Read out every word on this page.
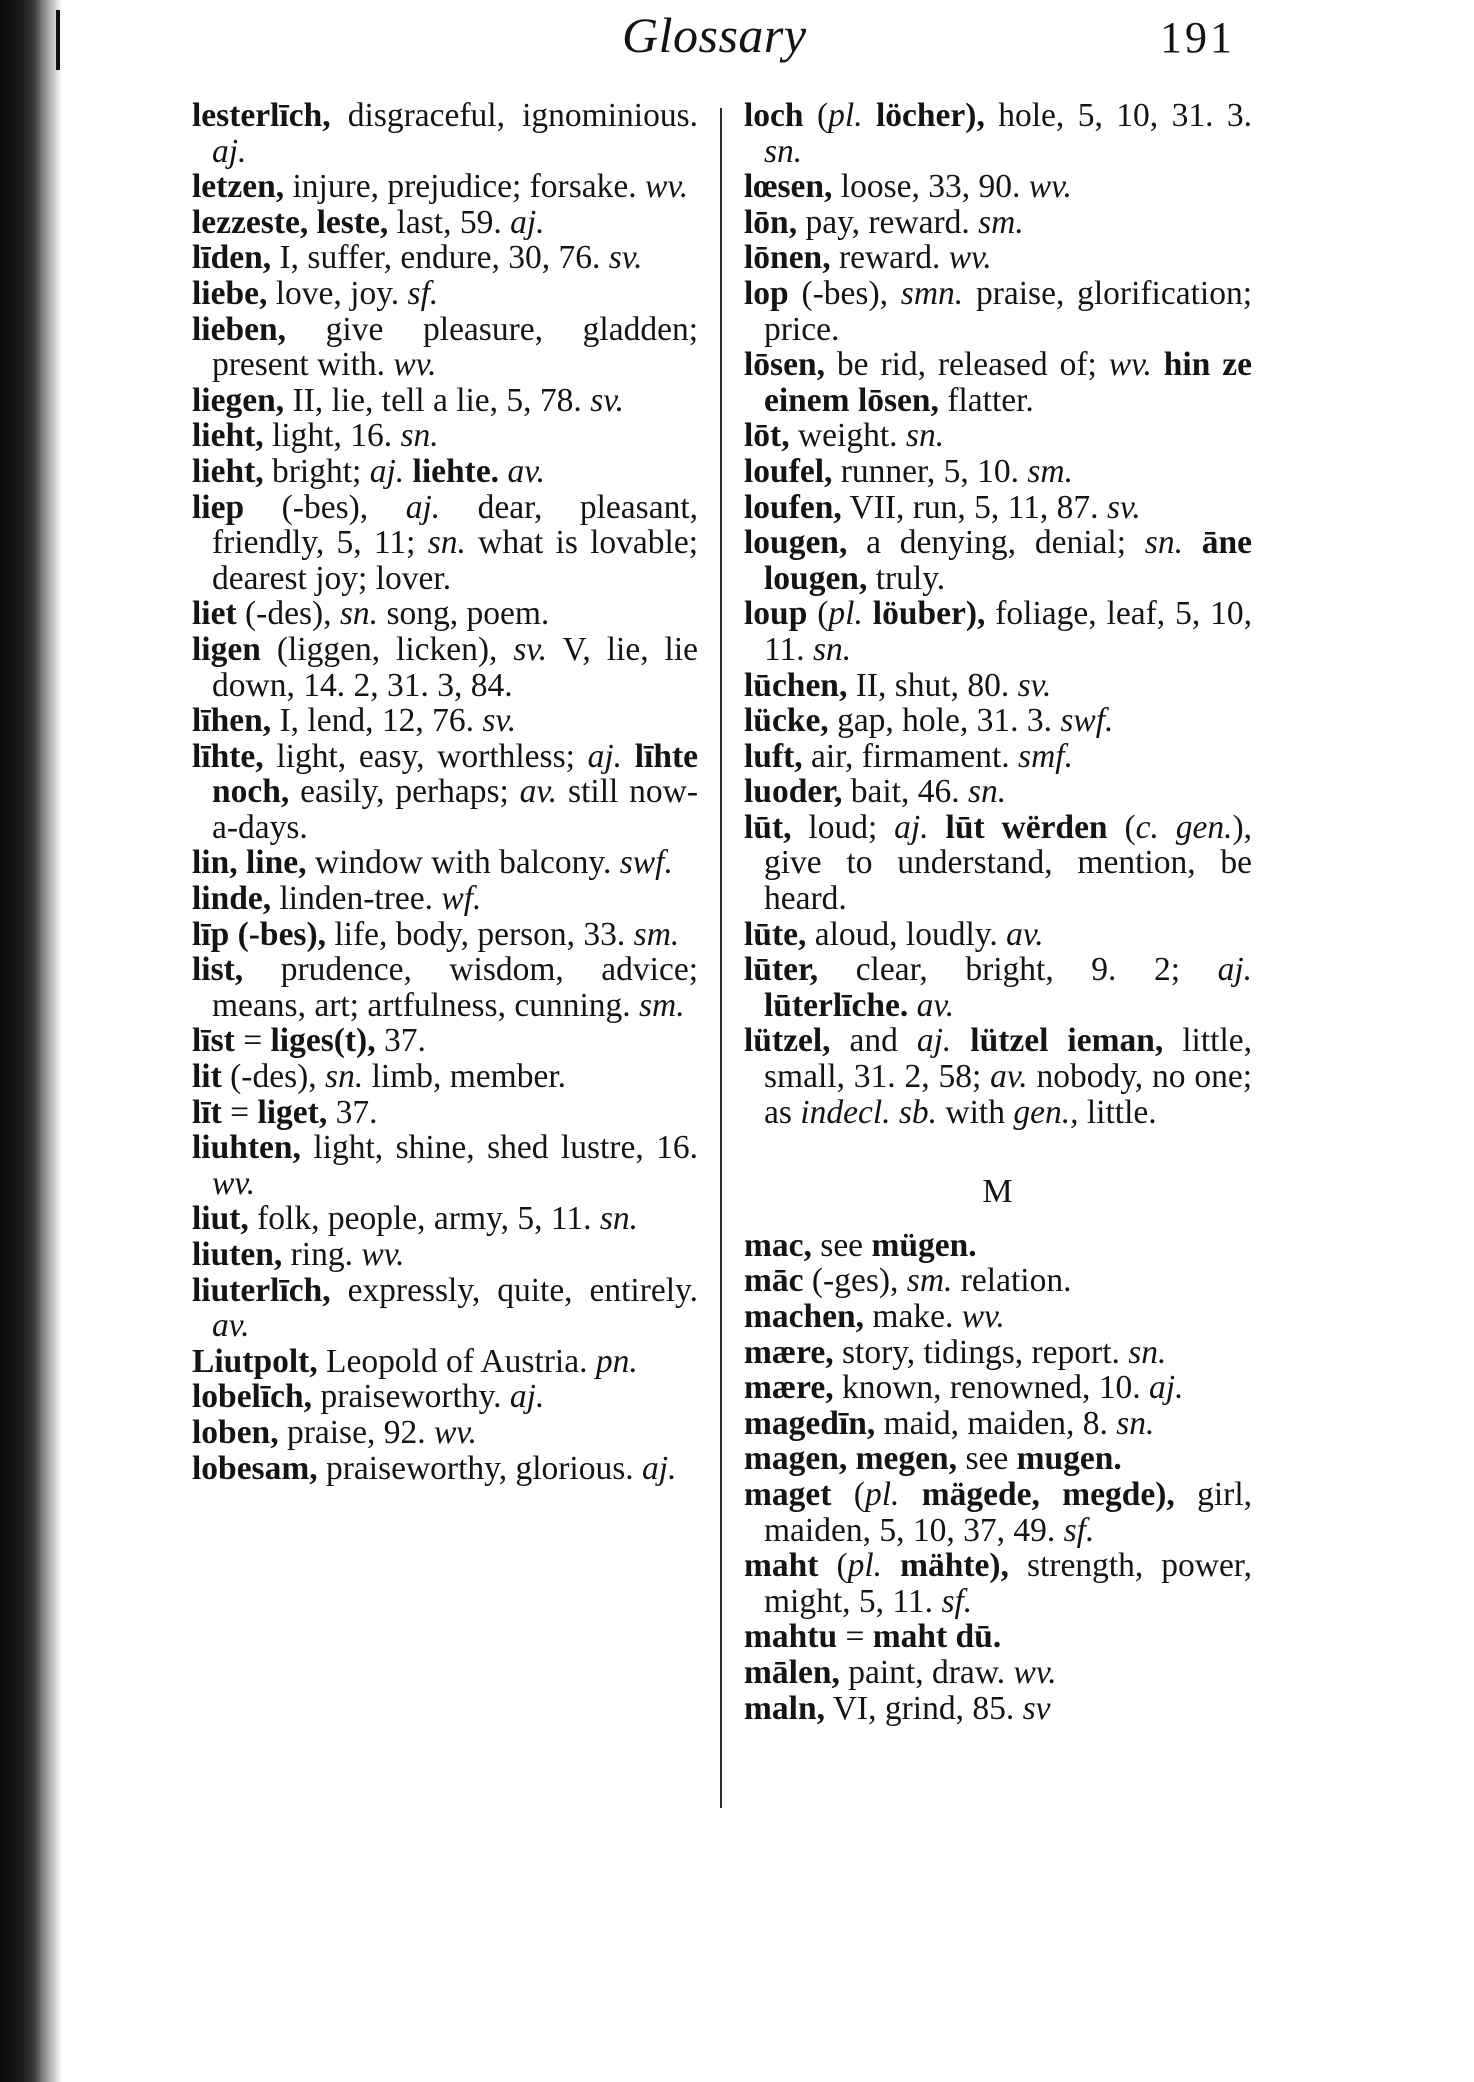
Glossary	191

lesterlīch, disgraceful, ignominious. aj.

letzen, injure, prejudice; forsake. wv.

lezzeste, leste, last, 59. aj.

līden, I, suffer, endure, 30, 76. sv.

liebe, love, joy. sf.

lieben, give pleasure, gladden; present with. wv.

liegen, II, lie, tell a lie, 5, 78. sv.

lieht, light, 16. sn.

lieht, bright; aj. liehte. av.

liep (-bes), aj. dear, pleasant, friendly, 5, 11; sn. what is lovable; dearest joy; lover.

liet (-des), sn. song, poem.

ligen (liggen, licken), sv. V, lie, lie down, 14. 2, 31. 3, 84.

līhen, I, lend, 12, 76. sv.

līhte, light, easy, worthless; aj. līhte noch, easily, perhaps; av. still now-a-days.

lin, line, window with balcony. swf.

linde, linden-tree. wf.

līp (-bes), life, body, person, 33. sm.

list, prudence, wisdom, advice; means, art; artfulness, cunning. sm.

līst = liges(t), 37.

lit (-des), sn. limb, member.

līt = liget, 37.

liuhten, light, shine, shed lustre, 16. wv.

liut, folk, people, army, 5, 11. sn.

liuten, ring. wv.

liuterlīch, expressly, quite, entirely. av.

Liutpolt, Leopold of Austria. pn.

lobelīch, praiseworthy. aj.

loben, praise, 92. wv.

lobesam, praiseworthy, glorious. aj.

loch (pl. löcher), hole, 5, 10, 31. 3. sn.

lœsen, loose, 33, 90. wv.

lōn, pay, reward. sm.

lōnen, reward. wv.

lop (-bes), smn. praise, glorification; price.

lōsen, be rid, released of; wv. hin ze einem lōsen, flatter.

lōt, weight. sn.

loufel, runner, 5, 10. sm.

loufen, VII, run, 5, 11, 87. sv.

lougen, a denying, denial; sn. āne lougen, truly.

loup (pl. löuber), foliage, leaf, 5, 10, 11. sn.

lūchen, II, shut, 80. sv.

lücke, gap, hole, 31. 3. swf.

luft, air, firmament. smf.

luoder, bait, 46. sn.

lūt, loud; aj. lūt wërden (c. gen.), give to understand, mention, be heard.

lūte, aloud, loudly. av.

lūter, clear, bright, 9. 2; aj. lūterlīche. av.

lützel, and aj. lützel ieman, little, small, 31. 2, 58; av. nobody, no one; as indecl. sb. with gen., little.

M

mac, see mügen.

māc (-ges), sm. relation.

machen, make. wv.

mære, story, tidings, report. sn.

mære, known, renowned, 10. aj.

magedīn, maid, maiden, 8. sn.

magen, megen, see mugen.

maget (pl. mägede, megde), girl, maiden, 5, 10, 37, 49. sf.

maht (pl. mähte), strength, power, might, 5, 11. sf.

mahtu = maht dū.

mālen, paint, draw. wv.

maln, VI, grind, 85. sv
